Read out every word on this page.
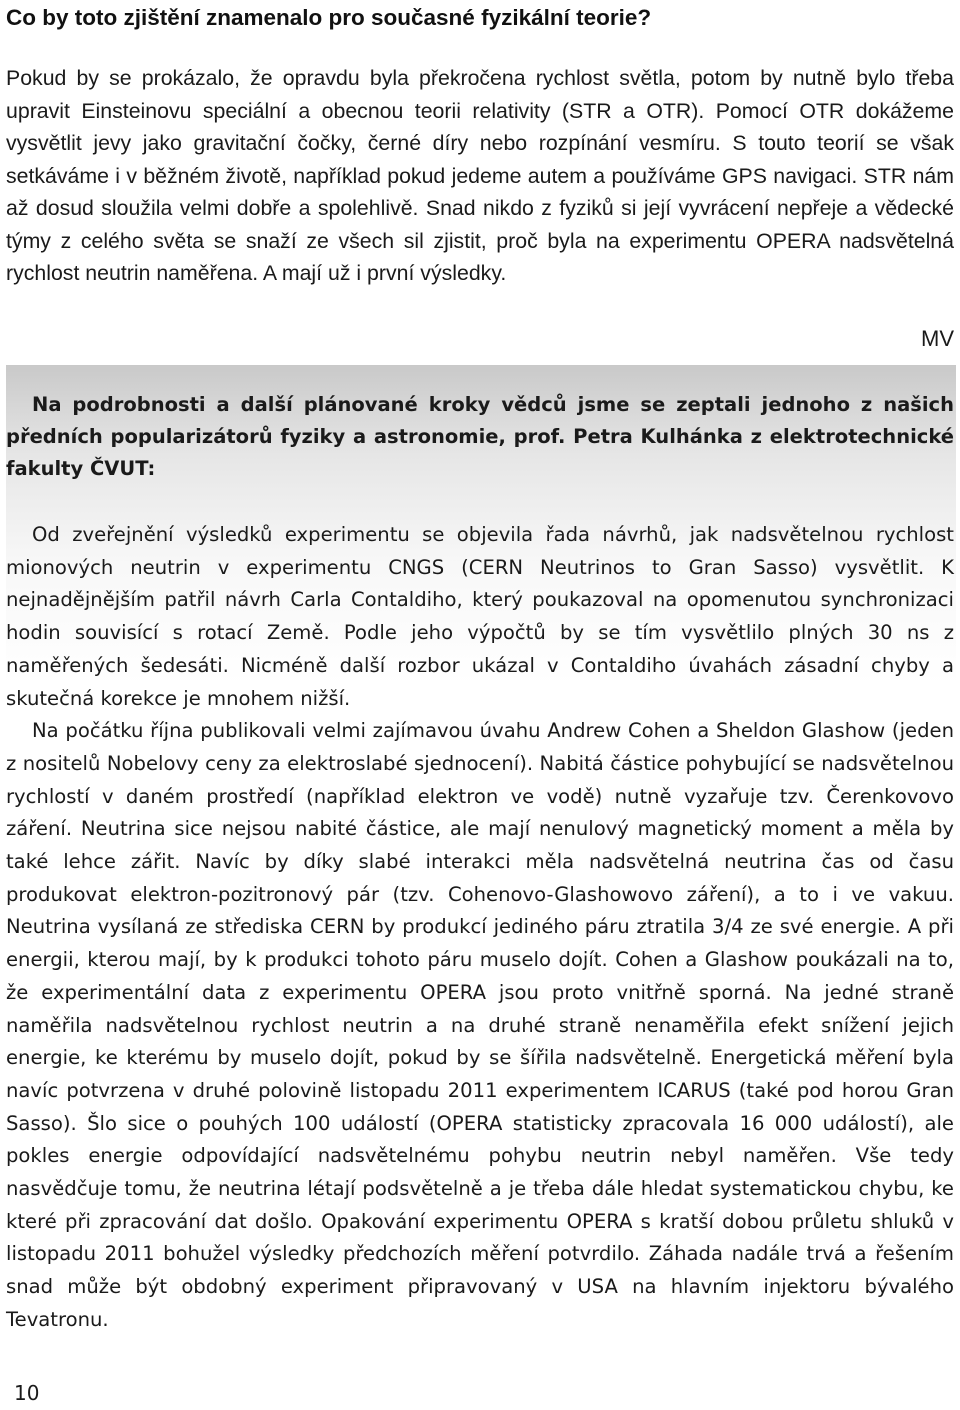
Co by toto zjištění znamenalo pro současné fyzikální teorie?

Pokud by se prokázalo, že opravdu byla překročena rychlost světla, potom by nutně bylo třeba upravit Einsteinovu speciální a obecnou teorii relativity (STR a OTR). Pomocí OTR dokážeme vysvětlit jevy jako gravitační čočky, černé díry nebo rozpínání vesmíru. S touto teorií se však setkáváme i v běžném životě, například pokud jedeme autem a používáme GPS navigaci. STR nám až dosud sloužila velmi dobře a spolehlivě. Snad nikdo z fyziků si její vyvrácení nepřeje a vědecké týmy z celého světa se snaží ze všech sil zjistit, proč byla na experimentu OPERA nadsvětelná rychlost neutrin naměřena. A mají už i první výsledky.

MV

Na podrobnosti a další plánované kroky vědců jsme se zeptali jednoho z našich předních popularizátorů fyziky a astronomie, prof. Petra Kulhánka z elektrotechnické fakulty ČVUT:

Od zveřejnění výsledků experimentu se objevila řada návrhů, jak nadsvětelnou rychlost mionových neutrin v experimentu CNGS (CERN Neutrinos to Gran Sasso) vysvětlit. K nejnadějnějším patřil návrh Carla Contaldiho, který poukazoval na opomenutou synchronizaci hodin souvisící s rotací Země. Podle jeho výpočtů by se tím vysvětlilo plných 30 ns z naměřených šedesáti. Nicméně další rozbor ukázal v Contaldiho úvahách zásadní chyby a skutečná korekce je mnohem nižší.

Na počátku října publikovali velmi zajímavou úvahu Andrew Cohen a Sheldon Glashow (jeden z nositelů Nobelovy ceny za elektroslabé sjednocení). Nabitá částice pohybující se nadsvětelnou rychlostí v daném prostředí (například elektron ve vodě) nutně vyzařuje tzv. Čerenkovovo záření. Neutrina sice nejsou nabité částice, ale mají nenulový magnetický moment a měla by také lehce zářit. Navíc by díky slabé interakci měla nadsvětelná neutrina čas od času produkovat elektron-pozitronový pár (tzv. Cohenovo-Glashowovo záření), a to i ve vakuu. Neutrina vysílaná ze střediska CERN by produkcí jediného páru ztratila 3/4 ze své energie. A při energii, kterou mají, by k produkci tohoto páru muselo dojít. Cohen a Glashow poukázali na to, že experimentální data z experimentu OPERA jsou proto vnitřně sporná. Na jedné straně naměřila nadsvětelnou rychlost neutrin a na druhé straně nenaměřila efekt snížení jejich energie, ke kterému by muselo dojít, pokud by se šířila nadsvětelně. Energetická měření byla navíc potvrzena v druhé polovině listopadu 2011 experimentem ICARUS (také pod horou Gran Sasso). Šlo sice o pouhých 100 událostí (OPERA statisticky zpracovala 16 000 událostí), ale pokles energie odpovídající nadsvětelnému pohybu neutrin nebyl naměřen. Vše tedy nasvědčuje tomu, že neutrina létají podsvětelně a je třeba dále hledat systematickou chybu, ke které při zpracování dat došlo. Opakování experimentu OPERA s kratší dobou průletu shluků v listopadu 2011 bohužel výsledky předchozích měření potvrdilo. Záhada nadále trvá a řešením snad může být obdobný experiment připravovaný v USA na hlavním injektoru bývalého Tevatronu.

10
